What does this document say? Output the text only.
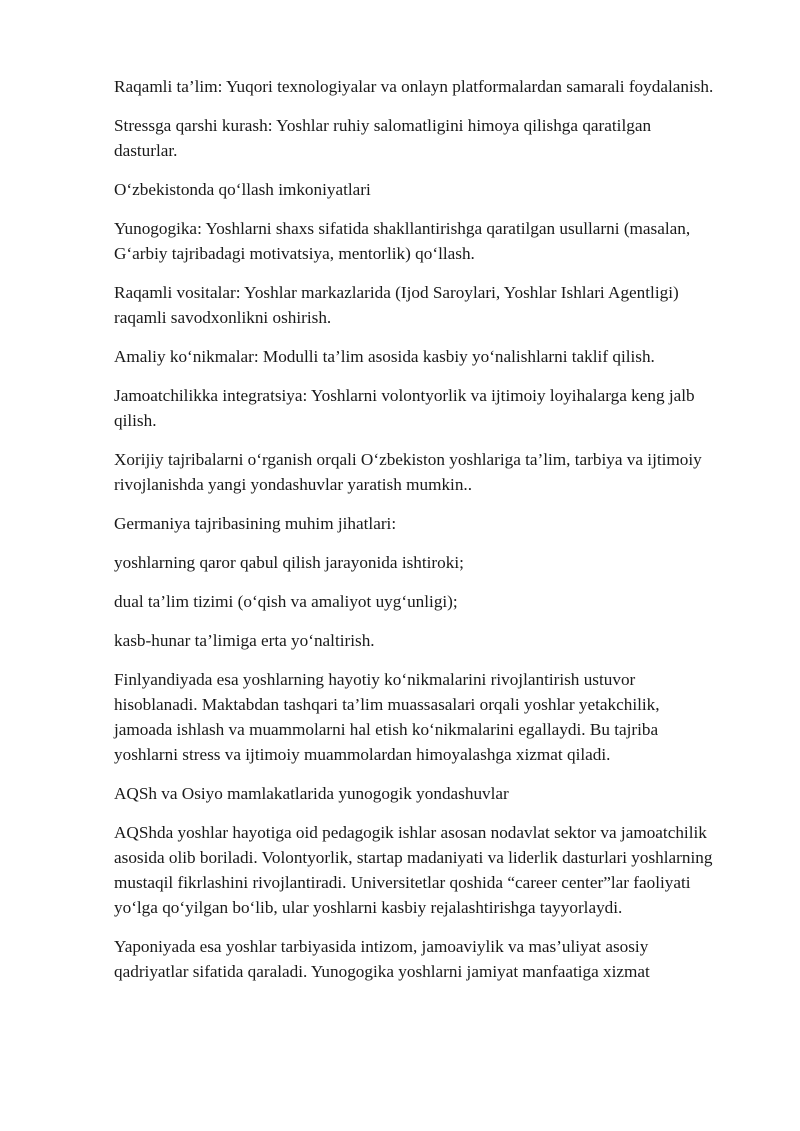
Raqamli ta’lim: Yuqori texnologiyalar va onlayn platformalardan samarali foydalanish.

Stressga qarshi kurash: Yoshlar ruhiy salomatligini himoya qilishga qaratilgan dasturlar.

O‘zbekistonda qo‘llash imkoniyatlari

Yunogogika: Yoshlarni shaxs sifatida shakllantirishga qaratilgan usullarni (masalan, G‘arbiy tajribadagi motivatsiya, mentorlik) qo‘llash.

Raqamli vositalar: Yoshlar markazlarida (Ijod Saroylari, Yoshlar Ishlari Agentligi) raqamli savodxonlikni oshirish.

Amaliy ko‘nikmalar: Modulli ta’lim asosida kasbiy yo‘nalishlarni taklif qilish.

Jamoatchilikka integratsiya: Yoshlarni volontyorlik va ijtimoiy loyihalarga keng jalb qilish.

Xorijiy tajribalarni o‘rganish orqali O‘zbekiston yoshlariga ta’lim, tarbiya va ijtimoiy rivojlanishda yangi yondashuvlar yaratish mumkin..

Germaniya tajribasining muhim jihatlari:

yoshlarning qaror qabul qilish jarayonida ishtiroki;

dual ta’lim tizimi (o‘qish va amaliyot uyg‘unligi);

kasb-hunar ta’limiga erta yo‘naltirish.

Finlyandiyada esa yoshlarning hayotiy ko‘nikmalarini rivojlantirish ustuvor hisoblanadi. Maktabdan tashqari ta’lim muassasalari orqali yoshlar yetakchilik, jamoada ishlash va muammolarni hal etish ko‘nikmalarini egallaydi. Bu tajriba yoshlarni stress va ijtimoiy muammolardan himoyalashga xizmat qiladi.

AQSh va Osiyo mamlakatlarida yunogogik yondashuvlar

AQShda yoshlar hayotiga oid pedagogik ishlar asosan nodavlat sektor va jamoatchilik asosida olib boriladi. Volontyorlik, startap madaniyati va liderlik dasturlari yoshlarning mustaqil fikrlashini rivojlantiradi. Universitetlar qoshida “career center”lar faoliyati yo‘lga qo‘yilgan bo‘lib, ular yoshlarni kasbiy rejalashtirishga tayyorlaydi.

Yaponiyada esa yoshlar tarbiyasida intizom, jamoaviylik va mas’uliyat asosiy qadriyatlar sifatida qaraladi. Yunogogika yoshlarni jamiyat manfaatiga xizmat
